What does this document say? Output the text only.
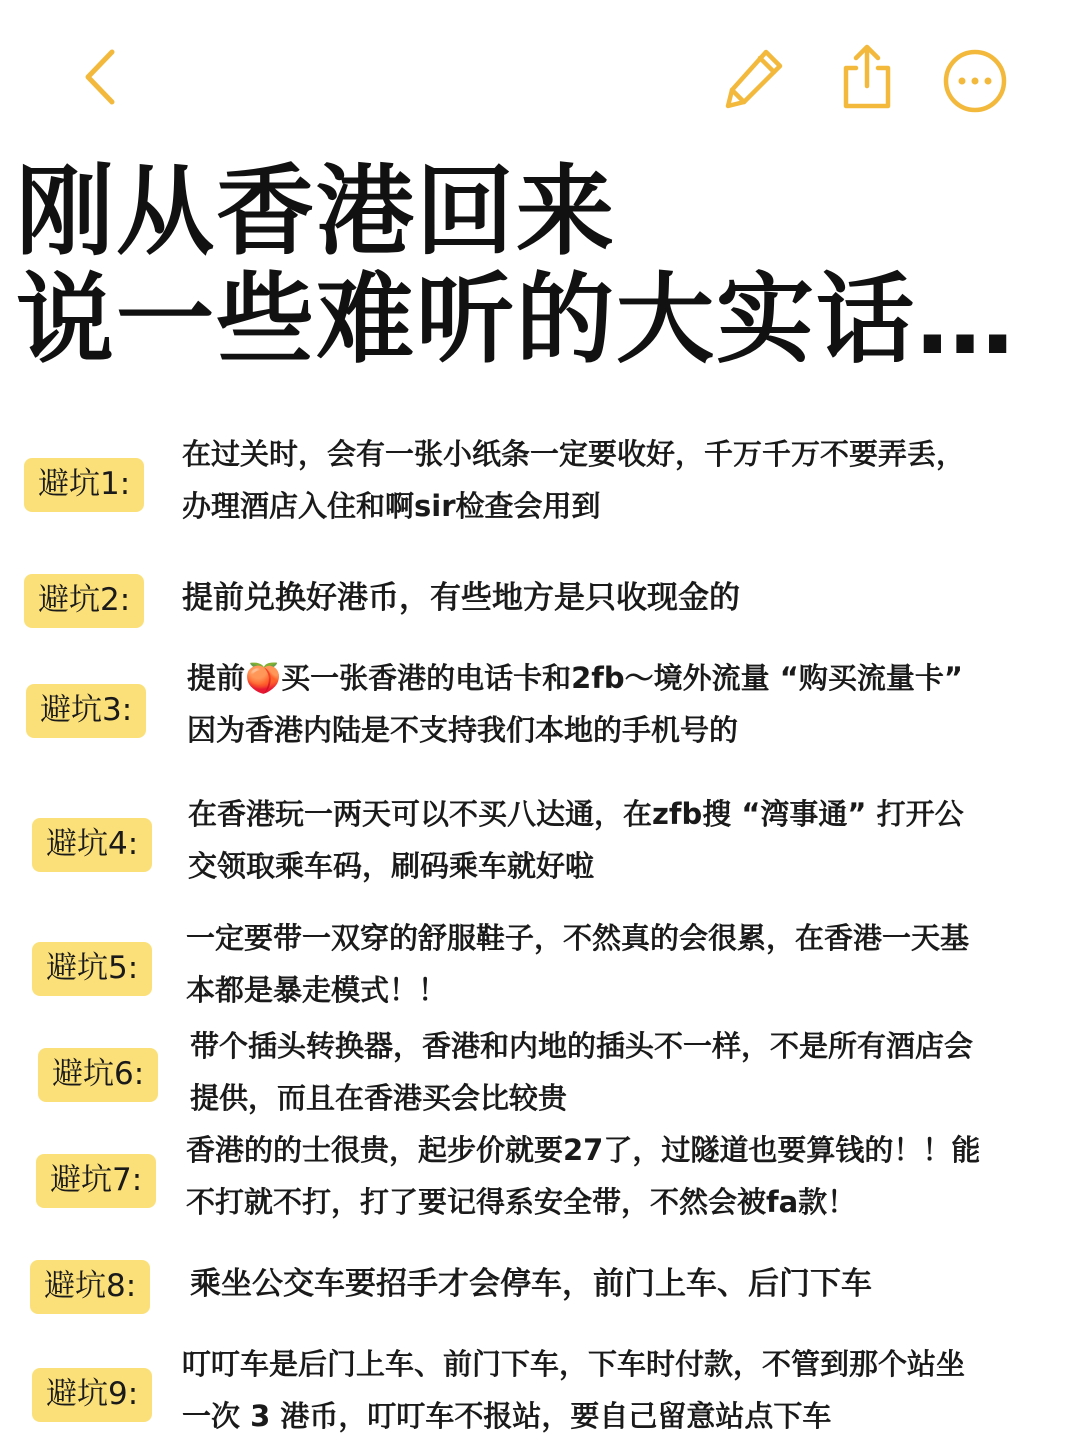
刚从香港回来
说一些难听的大实话…
避坑1:
在过关时，会有一张小纸条一定要收好，千万千万不要弄丢，
办理酒店入住和啊sir检查会用到
避坑2:	提前兑换好港币，有些地方是只收现金的
避坑3:
提前🍑买一张香港的电话卡和2fb～境外流量 “购买流量卡”
因为香港内陆是不支持我们本地的手机号的
避坑4:
在香港玩一两天可以不买八达通，在zfb搜 “湾事通” 打开公
交领取乘车码，刷码乘车就好啦
避坑5:
一定要带一双穿的舒服鞋子，不然真的会很累，在香港一天基
本都是暴走模式！！
避坑6:
带个插头转换器，香港和内地的插头不一样，不是所有酒店会
提供，而且在香港买会比较贵
避坑7:
香港的的士很贵，起步价就要27了，过隧道也要算钱的！！能
不打就不打，打了要记得系安全带，不然会被fa款！
避坑8:	乘坐公交车要招手才会停车，前门上车、后门下车
避坑9:
叮叮车是后门上车、前门下车，下车时付款，不管到那个站坐
一次 3 港币，叮叮车不报站，要自己留意站点下车
